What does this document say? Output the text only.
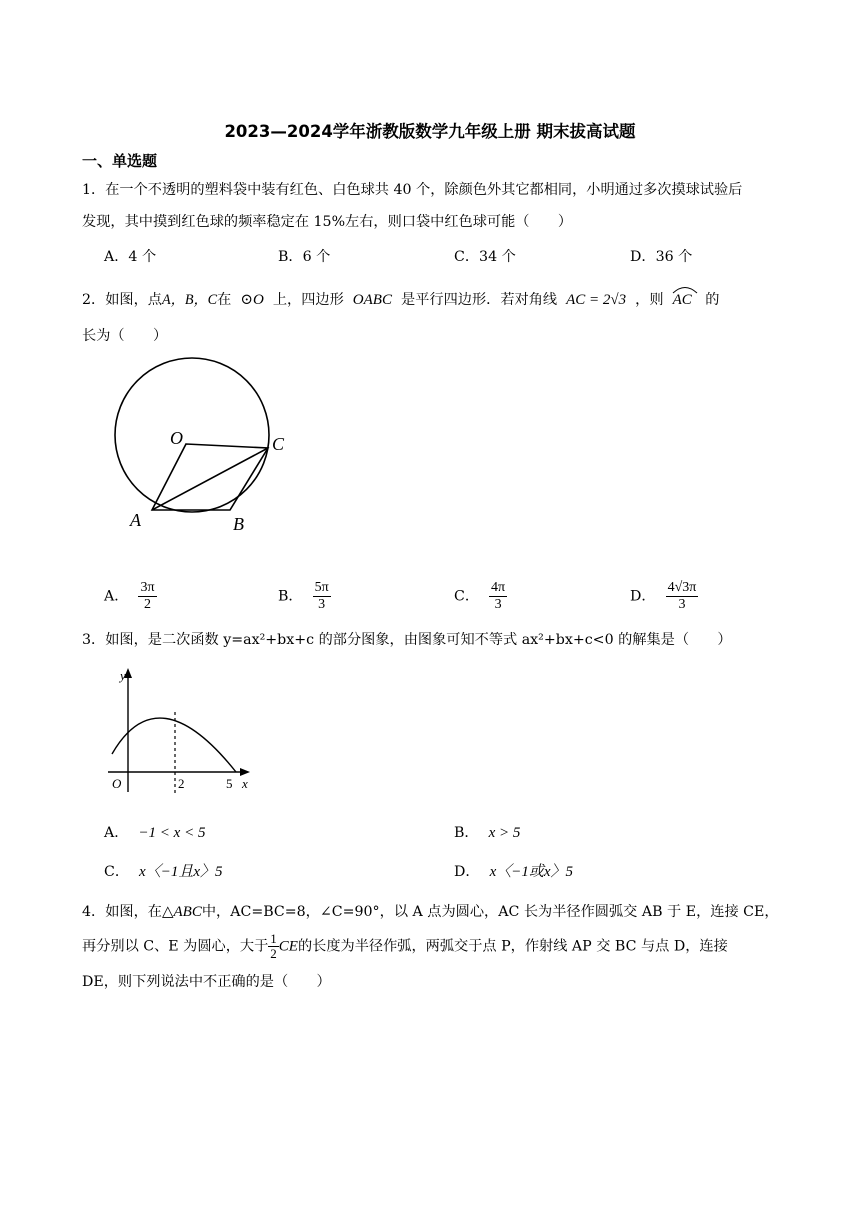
2023—2024学年浙教版数学九年级上册 期末拔高试题
一、单选题
1．在一个不透明的塑料袋中装有红色、白色球共 40 个，除颜色外其它都相同，小明通过多次摸球试验后
发现，其中摸到红色球的频率稳定在 15%左右，则口袋中红色球可能（　　）
A．4 个	B．6 个	C．34 个	D．36 个
2．如图，点A，B，C在 ⊙O 上，四边形 OABC 是平行四边形．若对角线 AC = 2√3 ，则 AC 的
长为（　　）
O	C
A	B
A． $\frac{3\pi}{2}$	B． $\frac{5\pi}{3}$	C． $\frac{4\pi}{3}$	D． $\frac{4√3\pi}{3}$
3．如图，是二次函数 y=ax²+bx+c 的部分图象，由图象可知不等式 ax²+bx+c<0 的解集是（　　）
y
x
O	2	5
A． −1 < x < 5	B． x > 5
C． x〈−1且x〉5	D． x〈−1或x〉5
4．如图，在△ABC中，AC=BC=8，∠C=90°，以 A 点为圆心，AC 长为半径作圆弧交 AB 于 E，连接 CE，
再分别以 C、E 为圆心，大于 $\frac{1}{2}$ CE的长度为半径作弧，两弧交于点 P，作射线 AP 交 BC 与点 D，连接
DE，则下列说法中不正确的是（　　）
